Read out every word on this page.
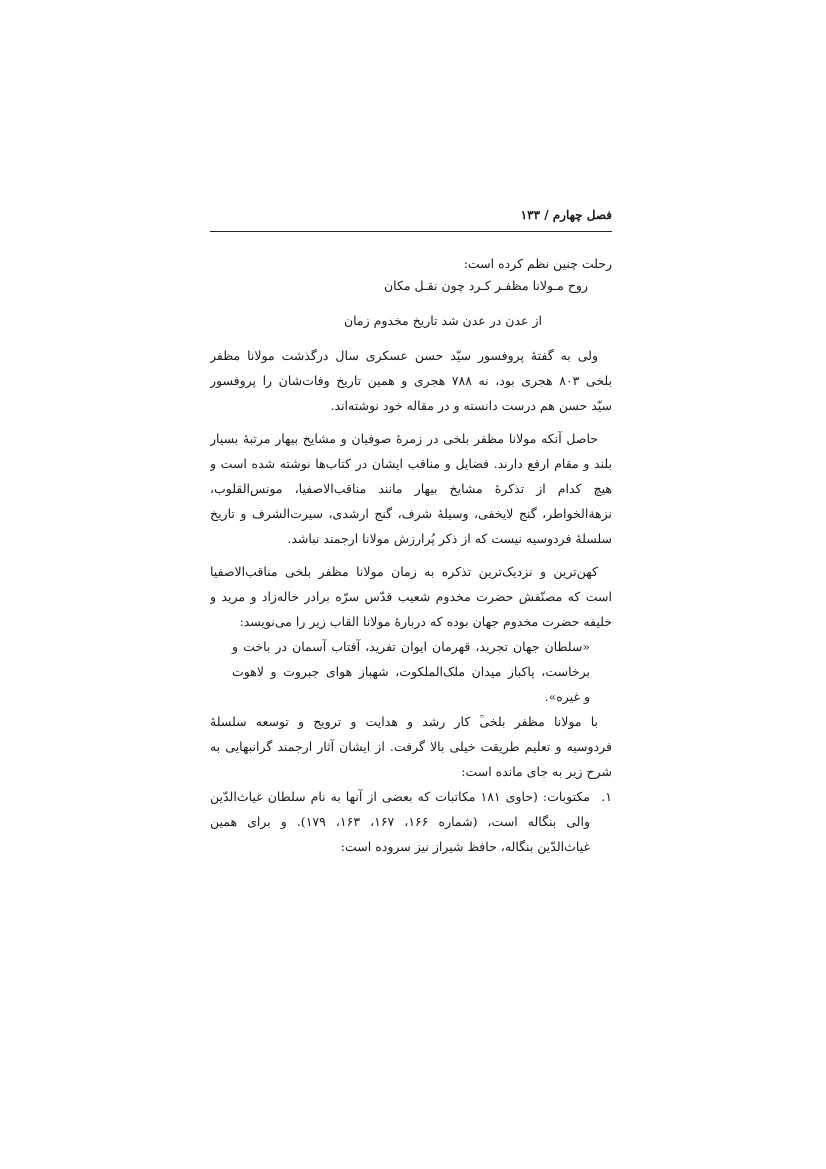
فصل چهارم / ۱۳۳
رحلت چنین نظم کرده است:
روح مـولانا مظفـر کـرد چون نقـل مکان
از عدن در عدن شد تاریخ مخدوم زمان
ولی به گفتهٔ پروفسور سیّد حسن عسکری سال درگذشت مولانا مظفر
بلخی ۸۰۳ هجری بود، نه ۷۸۸ هجری و همین تاریخ وفات‌شان را پروفسور
سیّد حسن هم درست دانسته و در مقاله خود نوشته‌اند.
حاصل آنکه مولانا مظفر بلخی در زمرهٔ صوفیان و مشایخ بیهار مرتبهٔ بسیار
بلند و مقام ارفع دارند. فضایل و مناقب ایشان در کتاب‌ها نوشته شده است و
هیچ کدام از تذکرهٔ مشایخ بیهار مانند مناقب‌الاصفیا، مونس‌القلوب،
نزهةالخواطر، گنج لایخفی، وسیلهٔ شرف، گنج ارشدی، سیرت‌الشرف و تاریخ
سلسلهٔ فردوسیه نیست که از ذکر پُرارزش مولانا ارجمند نباشد.
کهن‌ترین و نزدیک‌ترین تذکره به زمان مولانا مظفر بلخی مناقب‌الاصفیا
است که مصنّفش حضرت مخدوم شعیب قدّس سرّه برادر خاله‌زاد و مرید و
خلیفه حضرت مخدوم جهان بوده که دربارهٔ مولانا القاب زیر را می‌نویسد:
«سلطان جهان تجرید، قهرمان ایوان تفرید، آفتاب آسمان در باخت و
برخاست، پاکباز میدان ملک‌الملکوت، شهباز هوای جبروت و لاهوت
و غیره».
با مولانا مظفر بلخی‌ؒ کار رشد و هدایت و ترویج و توسعه سلسلهٔ
فردوسیه و تعلیم طریقت خیلی بالا گرفت. از ایشان آثار ارجمند گرانبهایی به
شرح زیر به جای مانده است:
۱.
مکتوبات: (حاوی ۱۸۱ مکاتبات که بعضی از آنها به نام سلطان غیاث‌الدّین
والی بنگاله است، (شماره ۱۶۶، ۱۶۷، ۱۶۳، ۱۷۹). و برای همین
غیاث‌الدّین بنگاله، حافظ شیراز نیز سروده است:
